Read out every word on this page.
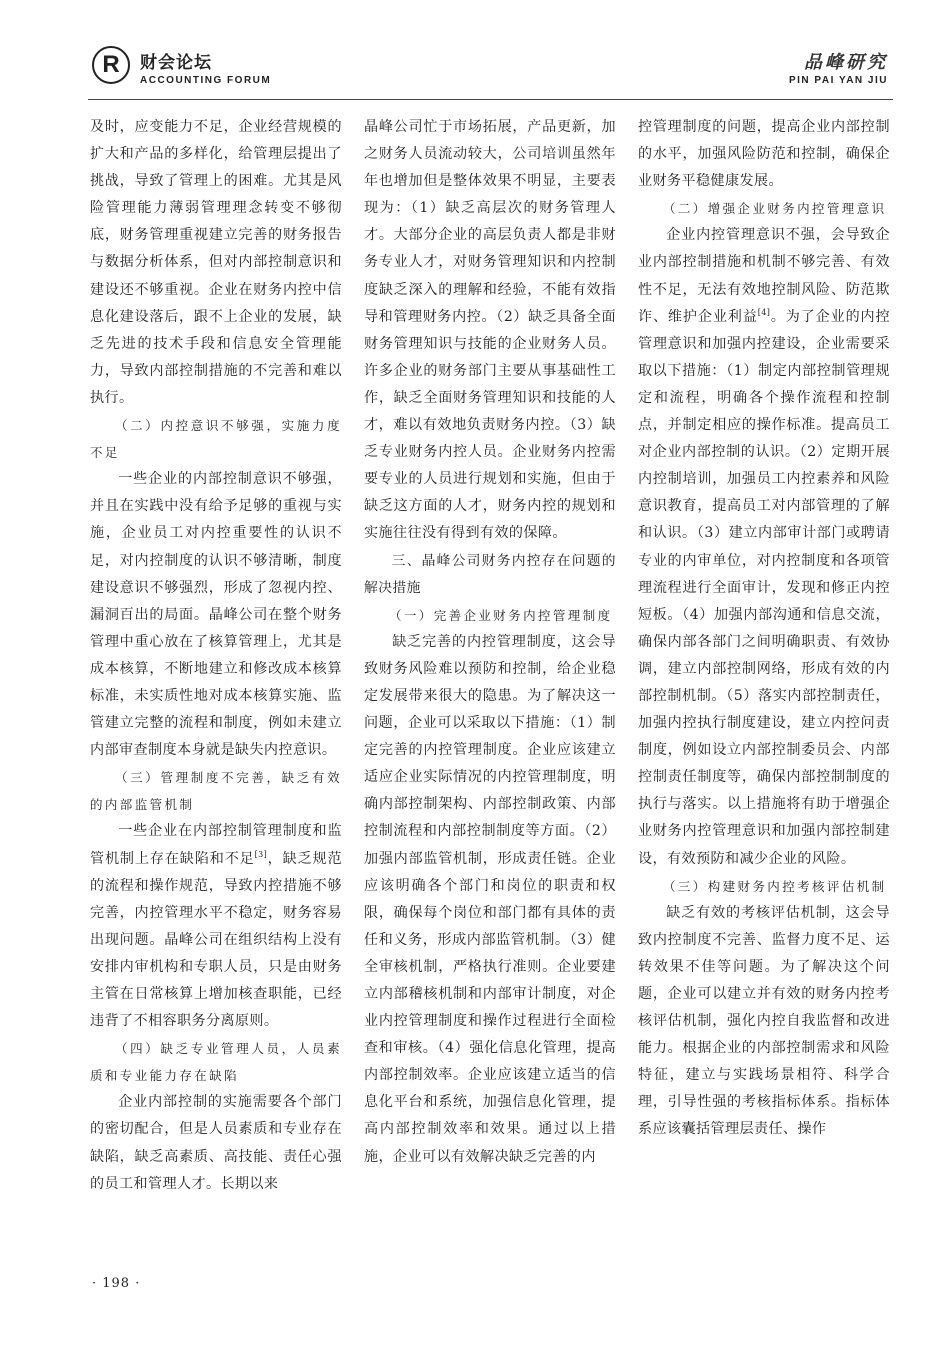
R	财会论坛
ACCOUNTING FORUM
品峰研究
PIN PAI YAN JIU

及时，应变能力不足，企业经营规模的扩大和产品的多样化，给管理层提出了挑战，导致了管理上的困难。尤其是风险管理能力薄弱管理理念转变不够彻底，财务管理重视建立完善的财务报告与数据分析体系，但对内部控制意识和建设还不够重视。企业在财务内控中信息化建设落后，跟不上企业的发展，缺乏先进的技术手段和信息安全管理能力，导致内部控制措施的不完善和难以执行。

（二）内控意识不够强，实施力度不足

一些企业的内部控制意识不够强，并且在实践中没有给予足够的重视与实施，企业员工对内控重要性的认识不足，对内控制度的认识不够清晰，制度建设意识不够强烈，形成了忽视内控、漏洞百出的局面。晶峰公司在整个财务管理中重心放在了核算管理上，尤其是成本核算，不断地建立和修改成本核算标准，未实质性地对成本核算实施、监管建立完整的流程和制度，例如未建立内部审查制度本身就是缺失内控意识。

（三）管理制度不完善，缺乏有效的内部监管机制

一些企业在内部控制管理制度和监管机制上存在缺陷和不足[3]，缺乏规范的流程和操作规范，导致内控措施不够完善，内控管理水平不稳定，财务容易出现问题。晶峰公司在组织结构上没有安排内审机构和专职人员，只是由财务主管在日常核算上增加核查职能，已经违背了不相容职务分离原则。

（四）缺乏专业管理人员，人员素质和专业能力存在缺陷

企业内部控制的实施需要各个部门的密切配合，但是人员素质和专业存在缺陷，缺乏高素质、高技能、责任心强的员工和管理人才。长期以来

晶峰公司忙于市场拓展，产品更新，加之财务人员流动较大，公司培训虽然年年也增加但是整体效果不明显，主要表现为：（1）缺乏高层次的财务管理人才。大部分企业的高层负责人都是非财务专业人才，对财务管理知识和内控制度缺乏深入的理解和经验，不能有效指导和管理财务内控。（2）缺乏具备全面财务管理知识与技能的企业财务人员。许多企业的财务部门主要从事基础性工作，缺乏全面财务管理知识和技能的人才，难以有效地负责财务内控。（3）缺乏专业财务内控人员。企业财务内控需要专业的人员进行规划和实施，但由于缺乏这方面的人才，财务内控的规划和实施往往没有得到有效的保障。

三、晶峰公司财务内控存在问题的解决措施

（一）完善企业财务内控管理制度

缺乏完善的内控管理制度，这会导致财务风险难以预防和控制，给企业稳定发展带来很大的隐患。为了解决这一问题，企业可以采取以下措施：（1）制定完善的内控管理制度。企业应该建立适应企业实际情况的内控管理制度，明确内部控制架构、内部控制政策、内部控制流程和内部控制制度等方面。（2）加强内部监管机制，形成责任链。企业应该明确各个部门和岗位的职责和权限，确保每个岗位和部门都有具体的责任和义务，形成内部监管机制。（3）健全审核机制，严格执行准则。企业要建立内部稽核机制和内部审计制度，对企业内控管理制度和操作过程进行全面检查和审核。（4）强化信息化管理，提高内部控制效率。企业应该建立适当的信息化平台和系统，加强信息化管理，提高内部控制效率和效果。通过以上措施，企业可以有效解决缺乏完善的内

控管理制度的问题，提高企业内部控制的水平，加强风险防范和控制，确保企业财务平稳健康发展。

（二）增强企业财务内控管理意识

企业内控管理意识不强，会导致企业内部控制措施和机制不够完善、有效性不足，无法有效地控制风险、防范欺诈、维护企业利益[4]。为了企业的内控管理意识和加强内控建设，企业需要采取以下措施：（1）制定内部控制管理规定和流程，明确各个操作流程和控制点，并制定相应的操作标准。提高员工对企业内部控制的认识。（2）定期开展内控制培训，加强员工内控素养和风险意识教育，提高员工对内部管理的了解和认识。（3）建立内部审计部门或聘请专业的内审单位，对内控制度和各项管理流程进行全面审计，发现和修正内控短板。（4）加强内部沟通和信息交流，确保内部各部门之间明确职责、有效协调，建立内部控制网络，形成有效的内部控制机制。（5）落实内部控制责任，加强内控执行制度建设，建立内控问责制度，例如设立内部控制委员会、内部控制责任制度等，确保内部控制制度的执行与落实。以上措施将有助于增强企业财务内控管理意识和加强内部控制建设，有效预防和减少企业的风险。

（三）构建财务内控考核评估机制

缺乏有效的考核评估机制，这会导致内控制度不完善、监督力度不足、运转效果不佳等问题。为了解决这个问题，企业可以建立并有效的财务内控考核评估机制，强化内控自我监督和改进能力。根据企业的内部控制需求和风险特征，建立与实践场景相符、科学合理，引导性强的考核指标体系。指标体系应该囊括管理层责任、操作

· 198 ·
